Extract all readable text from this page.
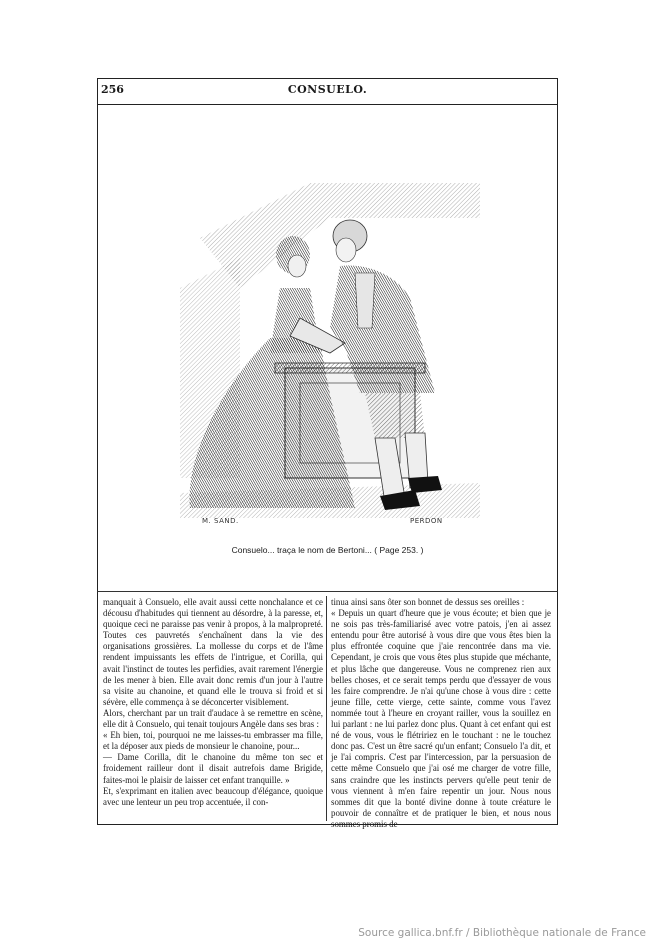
256	CONSUELO.
M. SAND.	PERDON
Consuelo... traça le nom de Bertoni... ( Page 253. )

manquait à Consuelo, elle avait aussi cette nonchalance et ce décousu d'habitudes qui tiennent au désordre, à la paresse, et, quoique ceci ne paraisse pas venir à propos, à la malpropreté. Toutes ces pauvretés s'enchaînent dans la vie des organisations grossières. La mollesse du corps et de l'âme rendent impuissants les effets de l'intrigue, et Corilla, qui avait l'instinct de toutes les perfidies, avait rarement l'énergie de les mener à bien. Elle avait donc remis d'un jour à l'autre sa visite au chanoine, et quand elle le trouva si froid et si sévère, elle commença à se déconcerter visiblement.

Alors, cherchant par un trait d'audace à se remettre en scène, elle dit à Consuelo, qui tenait toujours Angèle dans ses bras :

« Eh bien, toi, pourquoi ne me laisses-tu embrasser ma fille, et la déposer aux pieds de monsieur le chanoine, pour...

— Dame Corilla, dit le chanoine du même ton sec et froidement railleur dont il disait autrefois dame Brigide, faites-moi le plaisir de laisser cet enfant tranquille. »

Et, s'exprimant en italien avec beaucoup d'élégance, quoique avec une lenteur un peu trop accentuée, il con-

tinua ainsi sans ôter son bonnet de dessus ses oreilles :

« Depuis un quart d'heure que je vous écoute; et bien que je ne sois pas très-familiarisé avec votre patois, j'en ai assez entendu pour être autorisé à vous dire que vous êtes bien la plus effrontée coquine que j'aie rencontrée dans ma vie. Cependant, je crois que vous êtes plus stupide que méchante, et plus lâche que dangereuse. Vous ne comprenez rien aux belles choses, et ce serait temps perdu que d'essayer de vous les faire comprendre. Je n'ai qu'une chose à vous dire : cette jeune fille, cette vierge, cette sainte, comme vous l'avez nommée tout à l'heure en croyant railler, vous la souillez en lui parlant : ne lui parlez donc plus. Quant à cet enfant qui est né de vous, vous le flétririez en le touchant : ne le touchez donc pas. C'est un être sacré qu'un enfant; Consuelo l'a dit, et je l'ai compris. C'est par l'intercession, par la persuasion de cette même Consuelo que j'ai osé me charger de votre fille, sans craindre que les instincts pervers qu'elle peut tenir de vous viennent à m'en faire repentir un jour. Nous nous sommes dit que la bonté divine donne à toute créature le pouvoir de connaître et de pratiquer le bien, et nous nous sommes promis de

Source gallica.bnf.fr / Bibliothèque nationale de France
